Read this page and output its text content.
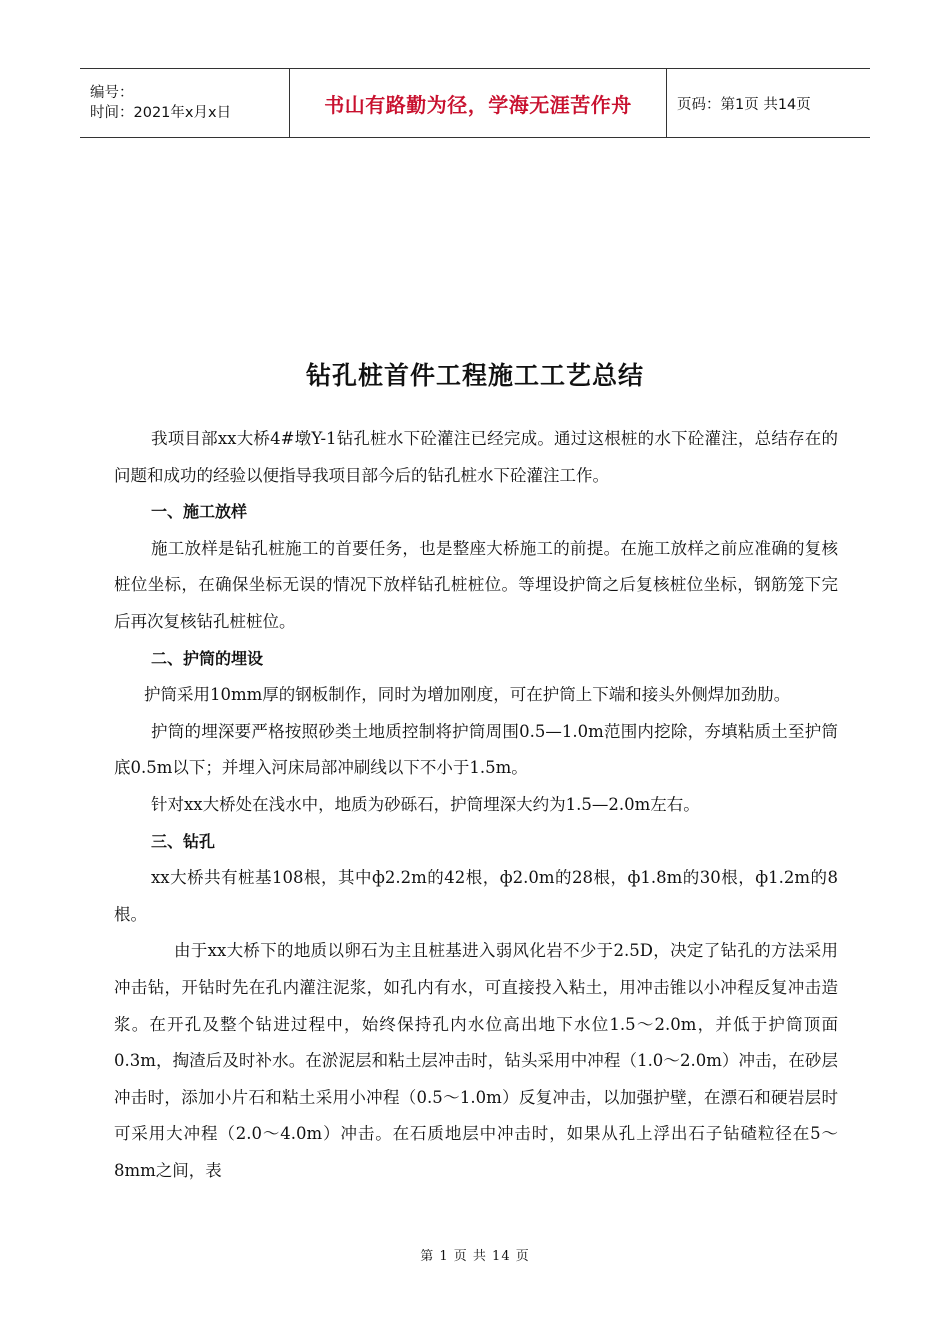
编号：
时间：2021年x月x日	书山有路勤为径，学海无涯苦作舟	页码：第1页 共14页
钻孔桩首件工程施工工艺总结

我项目部xx大桥4#墩Y-1钻孔桩水下砼灌注已经完成。通过这根桩的水下砼灌注，总结存在的问题和成功的经验以便指导我项目部今后的钻孔桩水下砼灌注工作。

一、施工放样

施工放样是钻孔桩施工的首要任务，也是整座大桥施工的前提。在施工放样之前应准确的复核桩位坐标，在确保坐标无误的情况下放样钻孔桩桩位。等埋设护筒之后复核桩位坐标，钢筋笼下完后再次复核钻孔桩桩位。

二、护筒的埋设

护筒采用10mm厚的钢板制作，同时为增加刚度，可在护筒上下端和接头外侧焊加劲肋。

护筒的埋深要严格按照砂类土地质控制将护筒周围0.5—1.0m范围内挖除，夯填粘质土至护筒底0.5m以下；并埋入河床局部冲刷线以下不小于1.5m。

针对xx大桥处在浅水中，地质为砂砾石，护筒埋深大约为1.5—2.0m左右。

三、钻孔

xx大桥共有桩基108根，其中ф2.2m的42根，ф2.0m的28根，ф1.8m的30根，ф1.2m的8根。

由于xx大桥下的地质以卵石为主且桩基进入弱风化岩不少于2.5D，决定了钻孔的方法采用冲击钻，开钻时先在孔内灌注泥浆，如孔内有水，可直接投入粘土，用冲击锥以小冲程反复冲击造浆。在开孔及整个钻进过程中，始终保持孔内水位高出地下水位1.5～2.0m，并低于护筒顶面0.3m，掏渣后及时补水。在淤泥层和粘土层冲击时，钻头采用中冲程（1.0～2.0m）冲击，在砂层冲击时，添加小片石和粘土采用小冲程（0.5～1.0m）反复冲击，以加强护壁，在漂石和硬岩层时可采用大冲程（2.0～4.0m）冲击。在石质地层中冲击时，如果从孔上浮出石子钻碴粒径在5～8mm之间，表

第 1 页 共 14 页
